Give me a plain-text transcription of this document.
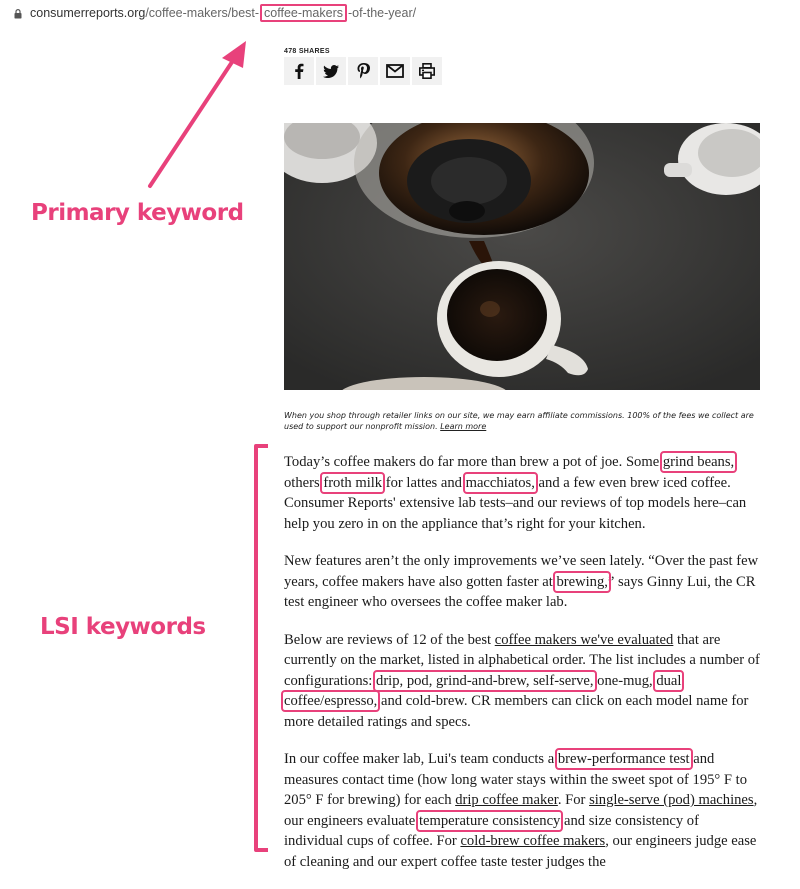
consumerreports.org/coffee-makers/best- coffee-makers -of-the-year/
478 SHARES
When you shop through retailer links on our site, we may earn affiliate commissions. 100% of the fees we collect are used to support our nonprofit mission. Learn more

Today’s coffee makers do far more than brew a pot of joe. Some grind beans, others froth milk for lattes and macchiatos, and a few even brew iced coffee. Consumer Reports' extensive lab tests–and our reviews of top models here–can help you zero in on the appliance that’s right for your kitchen.

New features aren’t the only improvements we’ve seen lately. “Over the past few years, coffee makers have also gotten faster at brewing,” says Ginny Lui, the CR test engineer who oversees the coffee maker lab.

Below are reviews of 12 of the best coffee makers we've evaluated that are currently on the market, listed in alphabetical order. The list includes a number of configurations: drip, pod, grind-and-brew, self-serve, one-mug, dual coffee/espresso, and cold-brew. CR members can click on each model name for more detailed ratings and specs.

In our coffee maker lab, Lui's team conducts a brew-performance test and measures contact time (how long water stays within the sweet spot of 195° F to 205° F for brewing) for each drip coffee maker. For single-serve (pod) machines, our engineers evaluate temperature consistency and size consistency of individual cups of coffee. For cold-brew coffee makers, our engineers judge ease of cleaning and our expert coffee taste tester judges the

Primary keyword
LSI keywords
